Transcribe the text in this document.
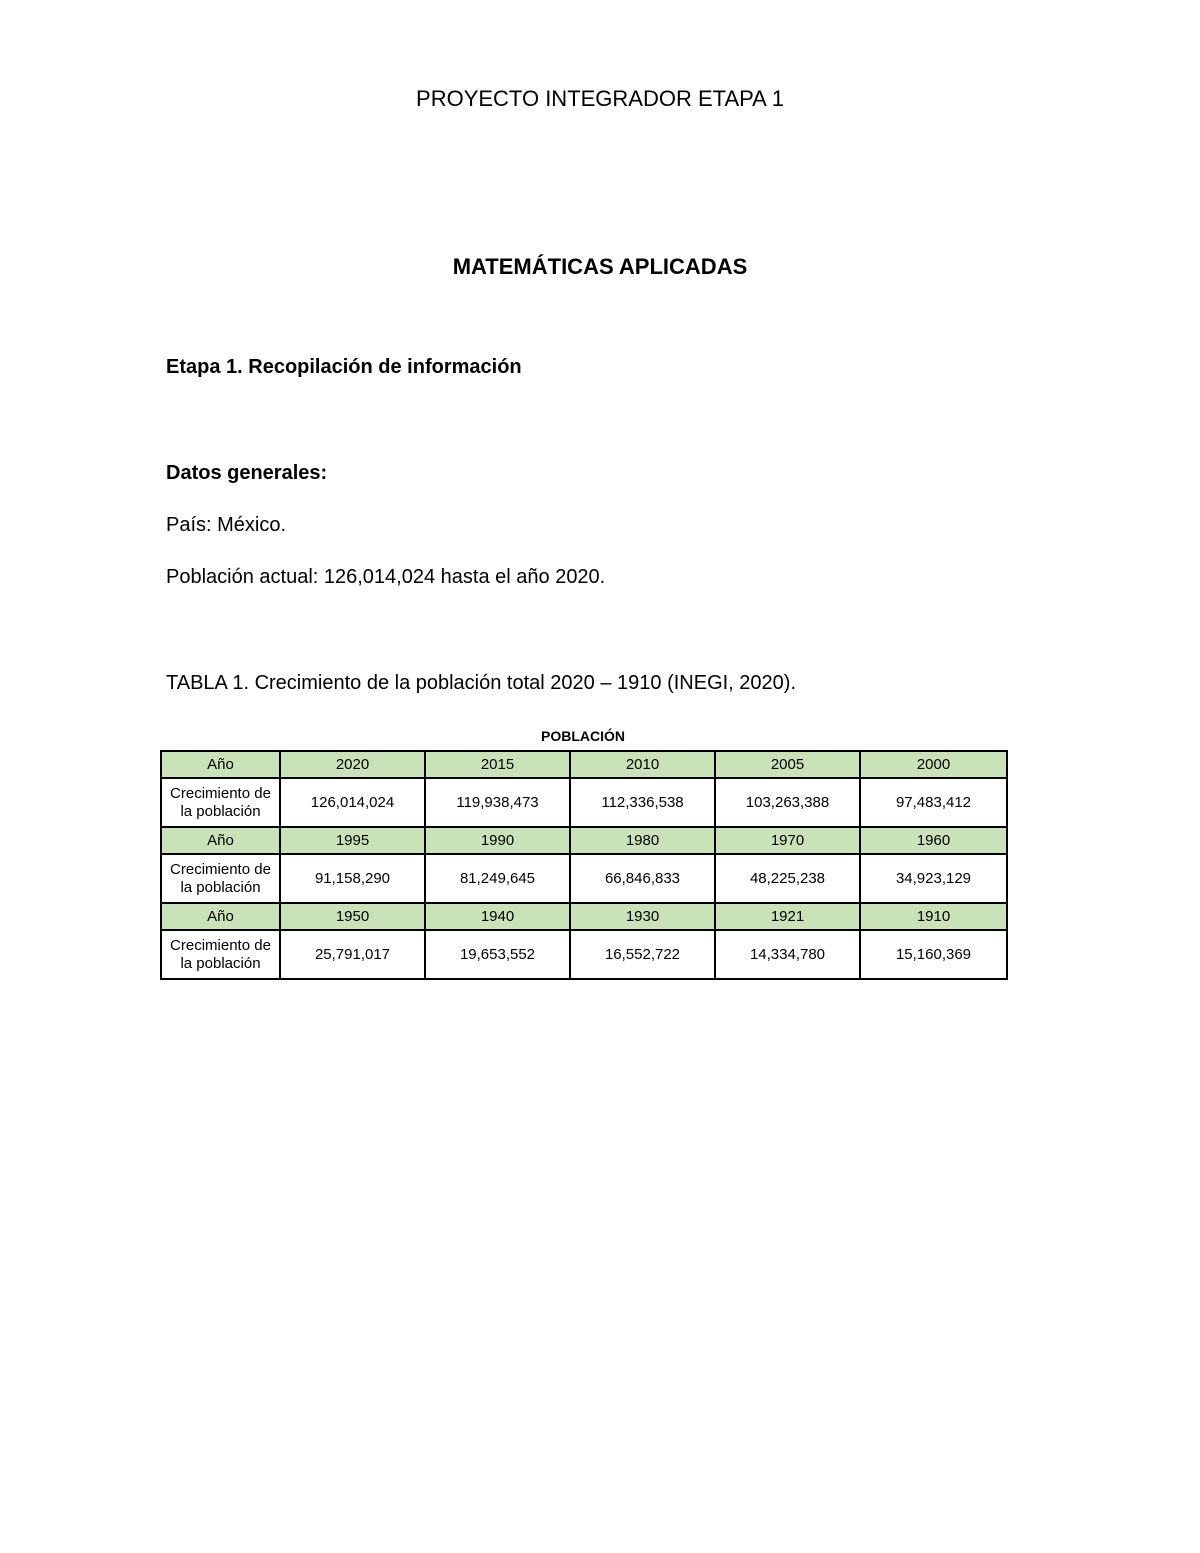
PROYECTO INTEGRADOR ETAPA 1
MATEMÁTICAS APLICADAS

Etapa 1. Recopilación de información

Datos generales:

País: México.

Población actual: 126,014,024 hasta el año 2020.

TABLA 1. Crecimiento de la población total 2020 – 1910 (INEGI, 2020).

POBLACIÓN

Año	2020	2015	2010	2005	2000
Crecimiento de la población	126,014,024	119,938,473	112,336,538	103,263,388	97,483,412
Año	1995	1990	1980	1970	1960
Crecimiento de la población	91,158,290	81,249,645	66,846,833	48,225,238	34,923,129
Año	1950	1940	1930	1921	1910
Crecimiento de la población	25,791,017	19,653,552	16,552,722	14,334,780	15,160,369
